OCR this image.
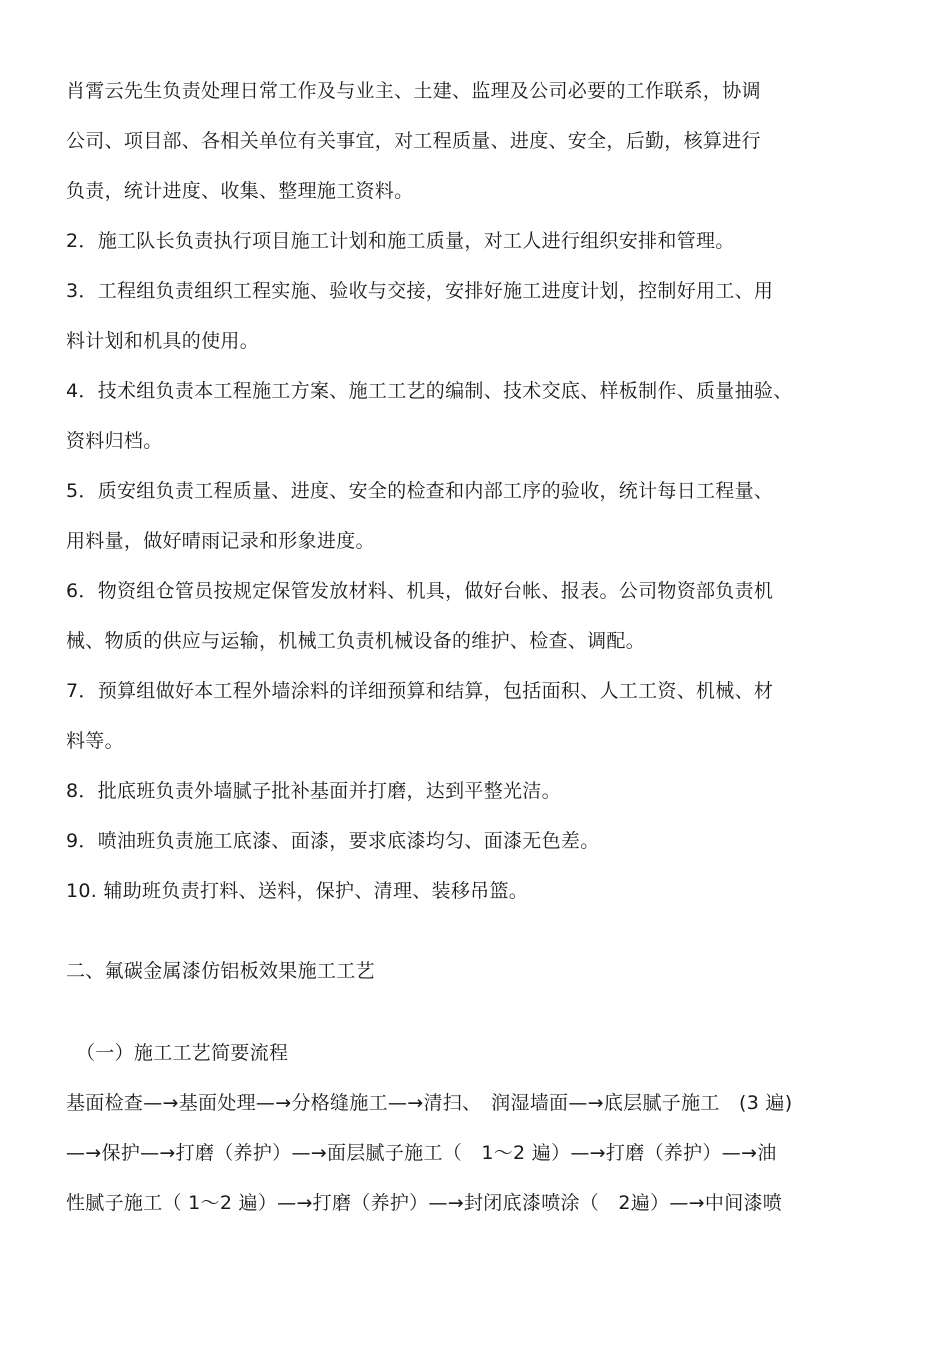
肖霄云先生负责处理日常工作及与业主、土建、监理及公司必要的工作联系，协调
公司、项目部、各相关单位有关事宜，对工程质量、进度、安全，后勤，核算进行
负责，统计进度、收集、整理施工资料。
2．施工队长负责执行项目施工计划和施工质量，对工人进行组织安排和管理。
3．工程组负责组织工程实施、验收与交接，安排好施工进度计划，控制好用工、用
料计划和机具的使用。
4．技术组负责本工程施工方案、施工工艺的编制、技术交底、样板制作、质量抽验、
资料归档。
5．质安组负责工程质量、进度、安全的检查和内部工序的验收，统计每日工程量、
用料量，做好晴雨记录和形象进度。
6．物资组仓管员按规定保管发放材料、机具，做好台帐、报表。公司物资部负责机
械、物质的供应与运输，机械工负责机械设备的维护、检查、调配。
7．预算组做好本工程外墙涂料的详细预算和结算，包括面积、人工工资、机械、材
料等。
8．批底班负责外墙腻子批补基面并打磨，达到平整光洁。
9．喷油班负责施工底漆、面漆，要求底漆均匀、面漆无色差。
10. 辅助班负责打料、送料，保护、清理、装移吊篮。
二、氟碳金属漆仿铝板效果施工工艺
（一）施工工艺简要流程
基面检查—→基面处理—→分格缝施工—→清扫、　润湿墙面—→底层腻子施工　(3 遍)
—→保护—→打磨（养护）—→面层腻子施工（　1～2 遍）—→打磨（养护）—→油
性腻子施工（ 1～2 遍）—→打磨（养护）—→封闭底漆喷涂（　2遍）—→中间漆喷
